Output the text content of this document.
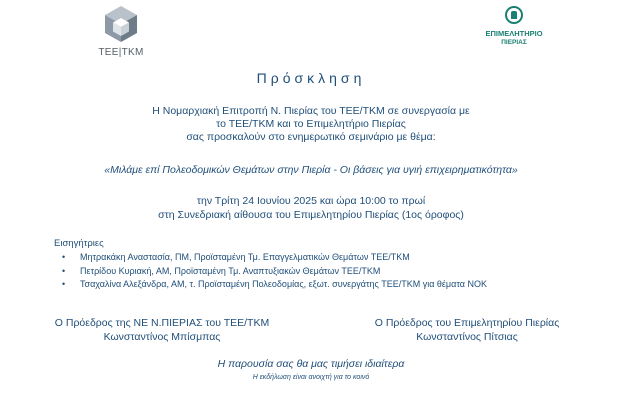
TEE|TKM
ΕΠΙΜΕΛΗΤΗΡΙΟ
ΠΙΕΡΙΑΣ
Πρόσκληση
Η Νομαρχιακή Επιτροπή Ν. Πιερίας του ΤΕΕ/ΤΚΜ σε συνεργασία με
το ΤΕΕ/ΤΚΜ και το Επιμελητήριο Πιερίας
σας προσκαλούν στο ενημερωτικό σεμινάριο με θέμα:
«Μιλάμε επί Πολεοδομικών Θεμάτων στην Πιερία - Οι βάσεις για υγιή επιχειρηματικότητα»
την Τρίτη 24 Ιουνίου 2025 και ώρα 10:00 το πρωί
στη Συνεδριακή αίθουσα του Επιμελητηρίου Πιερίας (1ος όροφος)
Εισηγήτριες
• Μητρακάκη Αναστασία, ΠΜ, Προϊσταμένη Τμ. Επαγγελματικών Θεμάτων ΤΕΕ/ΤΚΜ
• Πετρίδου Κυριακή, ΑΜ, Προϊσταμένη Τμ. Αναπτυξιακών Θεμάτων ΤΕΕ/ΤΚΜ
• Τσαχαλίνα Αλεξάνδρα, ΑΜ, τ. Προϊσταμένη Πολεοδομίας, εξωτ. συνεργάτης ΤΕΕ/ΤΚΜ για θέματα ΝΟΚ
Ο Πρόεδρος της ΝΕ Ν.ΠΙΕΡΙΑΣ του ΤΕΕ/ΤΚΜ
Κωνσταντίνος Μπίσμπας
Ο Πρόεδρος του Επιμελητηρίου Πιερίας
Κωνσταντίνος Πίτσιας
Η παρουσία σας θα μας τιμήσει ιδιαίτερα
Η εκδήλωση είναι ανοιχτή για το κοινό
